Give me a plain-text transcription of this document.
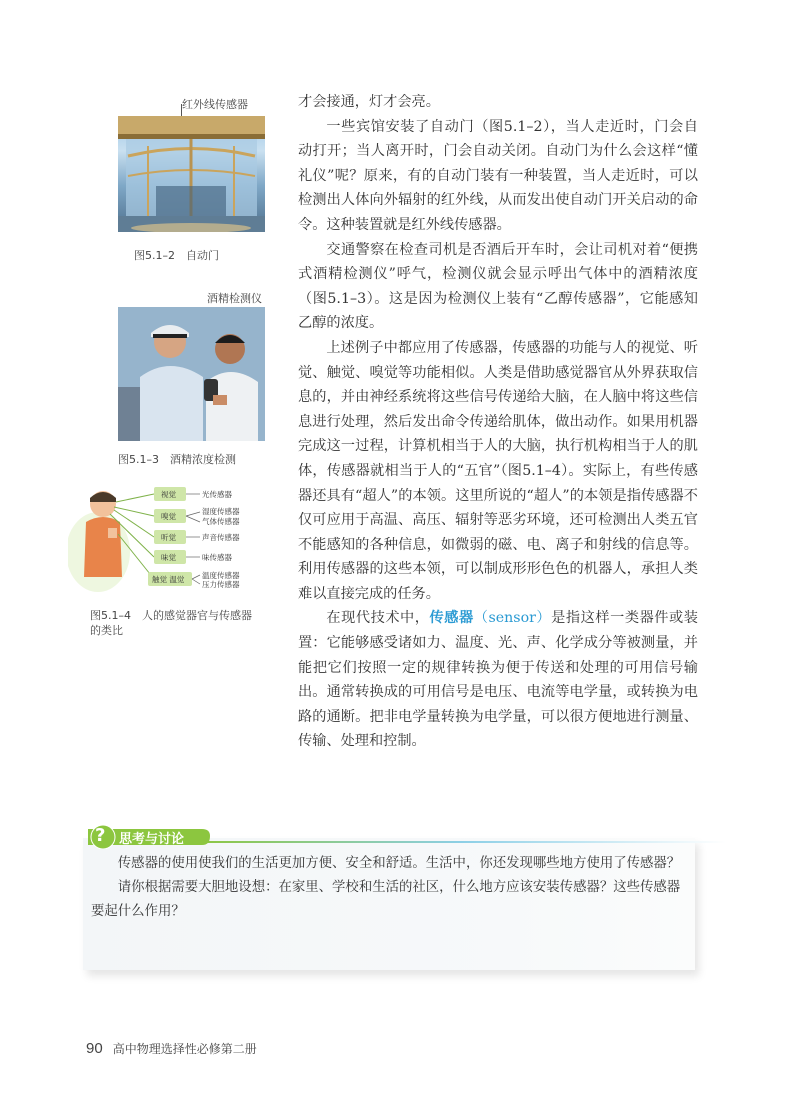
红外线传感器
图5.1–2　自动门
酒精检测仪
图5.1–3　酒精浓度检测
视觉
嗅觉
听觉
味觉
触觉 温觉
光传感器
湿度传感器
气体传感器
声音传感器
味传感器
温度传感器
压力传感器
图5.1–4　人的感觉器官与传感器
的类比

才会接通，灯才会亮。

一些宾馆安装了自动门（图5.1–2），当人走近时，门会自动打开；当人离开时，门会自动关闭。自动门为什么会这样“懂礼仪”呢？原来，有的自动门装有一种装置，当人走近时，可以检测出人体向外辐射的红外线，从而发出使自动门开关启动的命令。这种装置就是红外线传感器。

交通警察在检查司机是否酒后开车时，会让司机对着“便携式酒精检测仪”呼气，检测仪就会显示呼出气体中的酒精浓度（图5.1–3）。这是因为检测仪上装有“乙醇传感器”，它能感知乙醇的浓度。

上述例子中都应用了传感器，传感器的功能与人的视觉、听觉、触觉、嗅觉等功能相似。人类是借助感觉器官从外界获取信息的，并由神经系统将这些信号传递给大脑，在人脑中将这些信息进行处理，然后发出命令传递给肌体，做出动作。如果用机器完成这一过程，计算机相当于人的大脑，执行机构相当于人的肌体，传感器就相当于人的“五官”（图5.1–4）。实际上，有些传感器还具有“超人”的本领。这里所说的“超人”的本领是指传感器不仅可应用于高温、高压、辐射等恶劣环境，还可检测出人类五官不能感知的各种信息，如微弱的磁、电、离子和射线的信息等。利用传感器的这些本领，可以制成形形色色的机器人，承担人类难以直接完成的任务。

在现代技术中，传感器（sensor）是指这样一类器件或装置：它能够感受诸如力、温度、光、声、化学成分等被测量，并能把它们按照一定的规律转换为便于传送和处理的可用信号输出。通常转换成的可用信号是电压、电流等电学量，或转换为电路的通断。把非电学量转换为电学量，可以很方便地进行测量、传输、处理和控制。

? 思考与讨论

传感器的使用使我们的生活更加方便、安全和舒适。生活中，你还发现哪些地方使用了传感器？

请你根据需要大胆地设想：在家里、学校和生活的社区，什么地方应该安装传感器？这些传感器要起什么作用？

90 高中物理选择性必修第二册
